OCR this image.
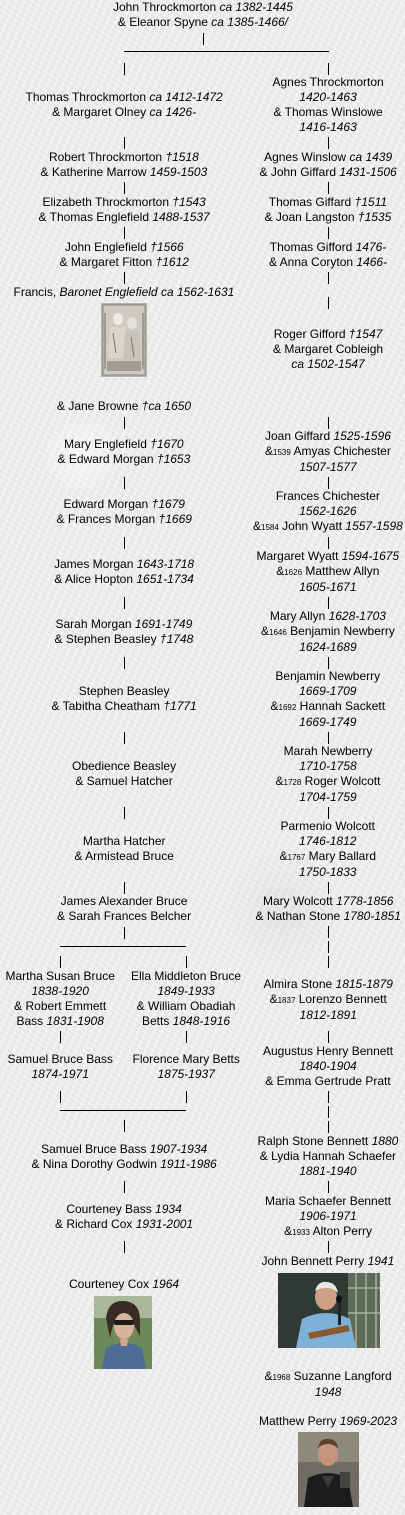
John Throckmorton ca 1382-1445
& Eleanor Spyne ca 1385-1466/
Agnes Throckmorton
1420-1463
& Thomas Winslowe
1416-1463
Thomas Throckmorton ca 1412-1472
& Margaret Olney ca 1426-
Robert Throckmorton †1518
& Katherine Marrow 1459-1503
Agnes Winslow ca 1439
& John Giffard 1431-1506
Elizabeth Throckmorton †1543
& Thomas Englefield 1488-1537
Thomas Giffard †1511
& Joan Langston †1535
John Englefield †1566
& Margaret Fitton †1612
Thomas Gifford 1476-
& Anna Coryton 1466-
Francis, Baronet Englefield ca 1562-1631
Roger Gifford †1547
& Margaret Cobleigh
ca 1502-1547
& Jane Browne †ca 1650
Joan Giffard 1525-1596
&1539 Amyas Chichester
1507-1577
Mary Englefield †1670
& Edward Morgan †1653
Frances Chichester
1562-1626
&1584 John Wyatt 1557-1598
Edward Morgan †1679
& Frances Morgan †1669
Margaret Wyatt 1594-1675
&1626 Matthew Allyn
1605-1671
James Morgan 1643-1718
& Alice Hopton 1651-1734
Mary Allyn 1628-1703
&1646 Benjamin Newberry
1624-1689
Sarah Morgan 1691-1749
& Stephen Beasley †1748
Benjamin Newberry
1669-1709
&1692 Hannah Sackett
1669-1749
Stephen Beasley
& Tabitha Cheatham †1771
Marah Newberry
1710-1758
&1728 Roger Wolcott
1704-1759
Obedience Beasley
& Samuel Hatcher
Parmenio Wolcott
1746-1812
&1767 Mary Ballard
1750-1833
Martha Hatcher
& Armistead Bruce
James Alexander Bruce
& Sarah Frances Belcher
Mary Wolcott 1778-1856
& Nathan Stone 1780-1851
Martha Susan Bruce
1838-1920
& Robert Emmett
Bass 1831-1908
Ella Middleton Bruce
1849-1933
& William Obadiah
Betts 1848-1916
Almira Stone 1815-1879
&1837 Lorenzo Bennett
1812-1891
Augustus Henry Bennett
1840-1904
& Emma Gertrude Pratt
Samuel Bruce Bass
1874-1971
Florence Mary Betts
1875-1937
Ralph Stone Bennett 1880
& Lydia Hannah Schaefer
1881-1940
Samuel Bruce Bass 1907-1934
& Nina Dorothy Godwin 1911-1986
Maria Schaefer Bennett
1906-1971
&1933 Alton Perry
Courteney Bass 1934
& Richard Cox 1931-2001
John Bennett Perry 1941
Courteney Cox 1964
&1968 Suzanne Langford
1948
Matthew Perry 1969-2023
